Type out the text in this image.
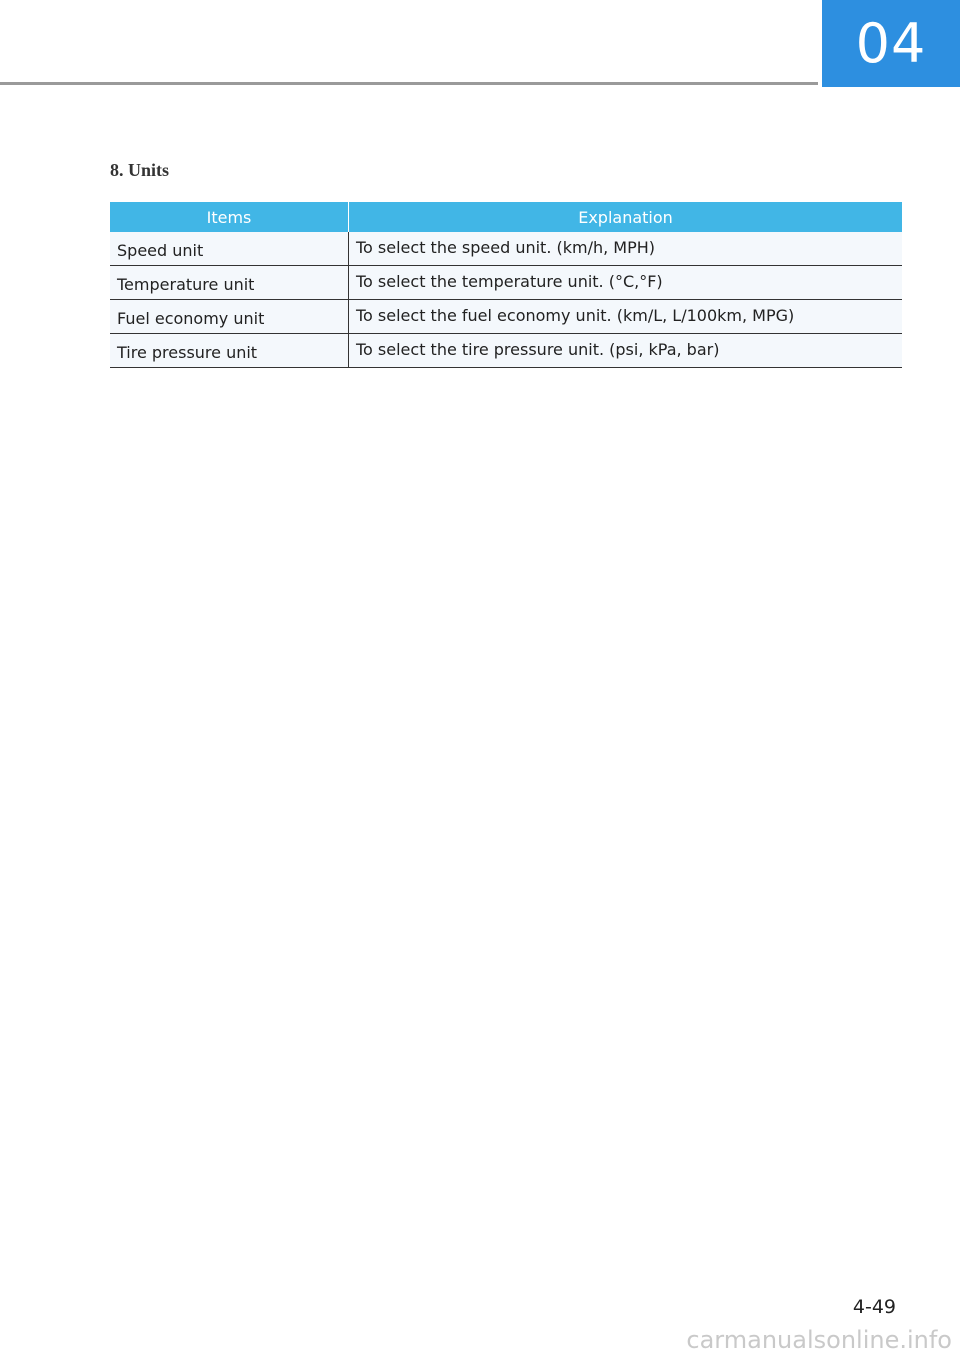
04
8. Units
Items	Explanation
Speed unit	To select the speed unit. (km/h, MPH)
Temperature unit	To select the temperature unit. (°C,°F)
Fuel economy unit	To select the fuel economy unit. (km/L, L/100km, MPG)
Tire pressure unit	To select the tire pressure unit. (psi, kPa, bar)
4-49
carmanualsonline.info
